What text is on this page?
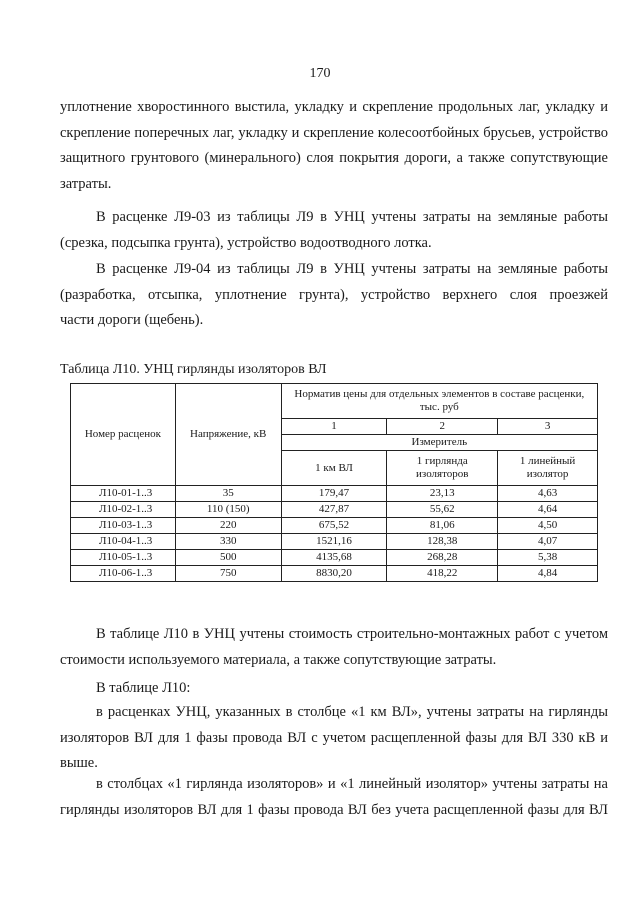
170
уплотнение хворостинного выстила, укладку и скрепление продольных лаг, укладку и
скрепление поперечных лаг, укладку и скрепление колесоотбойных брусьев, устройство
защитного грунтового (минерального) слоя покрытия дороги, а также сопутствующие
затраты.
В расценке Л9-03 из таблицы Л9 в УНЦ учтены затраты на земляные работы
(срезка, подсыпка грунта), устройство водоотводного лотка.
В расценке Л9-04 из таблицы Л9 в УНЦ учтены затраты на земляные работы
(разработка, отсыпка, уплотнение грунта), устройство верхнего слоя проезжей
части дороги (щебень).
Таблица Л10. УНЦ гирлянды изоляторов ВЛ
Номер расценок	Напряжение, кВ	Норматив цены для отдельных элементов в составе расценки, тыс. руб		
		1	2	3
		Измеритель		
		1 км ВЛ	1 гирлянда изоляторов	1 линейный изолятор
Л10-01-1..3	35	179,47	23,13	4,63
Л10-02-1..3	110 (150)	427,87	55,62	4,64
Л10-03-1..3	220	675,52	81,06	4,50
Л10-04-1..3	330	1521,16	128,38	4,07
Л10-05-1..3	500	4135,68	268,28	5,38
Л10-06-1..3	750	8830,20	418,22	4,84
В таблице Л10 в УНЦ учтены стоимость строительно-монтажных работ с учетом
стоимости используемого материала, а также сопутствующие затраты.
В таблице Л10:
в расценках УНЦ, указанных в столбце «1 км ВЛ», учтены затраты на гирлянды
изоляторов ВЛ для 1 фазы провода ВЛ с учетом расщепленной фазы для ВЛ 330 кВ и
выше.
в столбцах «1 гирлянда изоляторов» и «1 линейный изолятор» учтены затраты на
гирлянды изоляторов ВЛ для 1 фазы провода ВЛ без учета расщепленной фазы для ВЛ
